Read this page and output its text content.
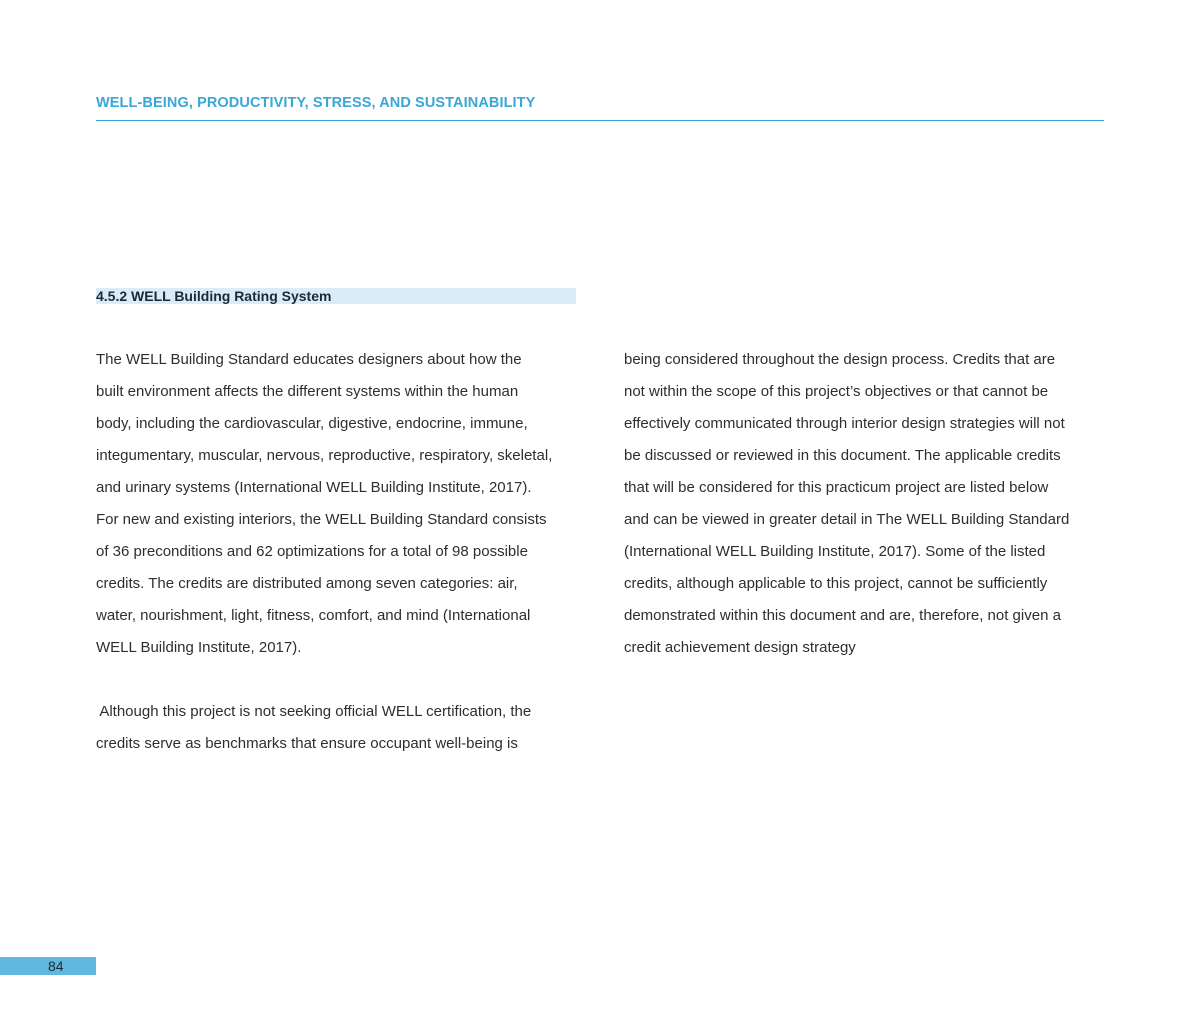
WELL-BEING, PRODUCTIVITY, STRESS, AND SUSTAINABILITY
4.5.2 WELL Building Rating System
The WELL Building Standard educates designers about how the
built environment affects the different systems within the human
body, including the cardiovascular, digestive, endocrine, immune,
integumentary, muscular, nervous, reproductive, respiratory, skeletal,
and urinary systems (International WELL Building Institute, 2017).
For new and existing interiors, the WELL Building Standard consists
of 36 preconditions and 62 optimizations for a total of 98 possible
credits. The credits are distributed among seven categories: air,
water, nourishment, light, fitness, comfort, and mind (International
WELL Building Institute, 2017).
Although this project is not seeking official WELL certification, the
credits serve as benchmarks that ensure occupant well-being is
being considered throughout the design process. Credits that are
not within the scope of this project’s objectives or that cannot be
effectively communicated through interior design strategies will not
be discussed or reviewed in this document. The applicable credits
that will be considered for this practicum project are listed below
and can be viewed in greater detail in The WELL Building Standard
(International WELL Building Institute, 2017). Some of the listed
credits, although applicable to this project, cannot be sufficiently
demonstrated within this document and are, therefore, not given a
credit achievement design strategy
84
